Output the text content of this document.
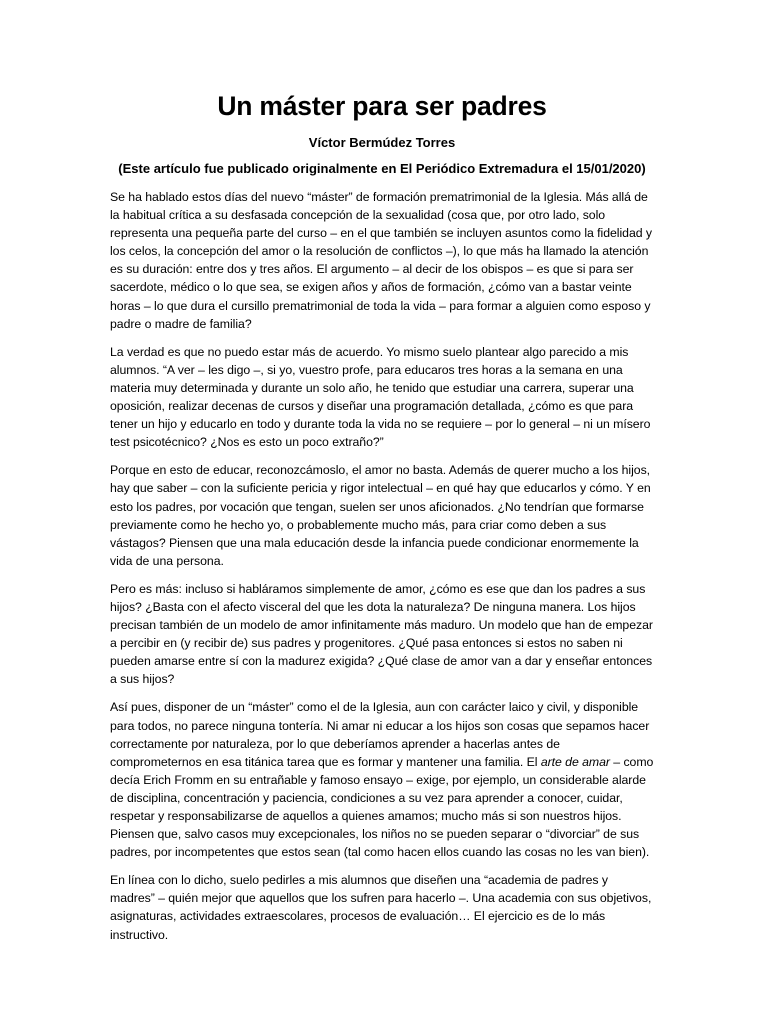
Un máster para ser padres
Víctor Bermúdez Torres
(Este artículo fue publicado originalmente en El Periódico Extremadura el 15/01/2020)

Se ha hablado estos días del nuevo “máster” de formación prematrimonial de la Iglesia. Más allá de la habitual crítica a su desfasada concepción de la sexualidad (cosa que, por otro lado, solo representa una pequeña parte del curso – en el que también se incluyen asuntos como la fidelidad y los celos, la concepción del amor o la resolución de conflictos –), lo que más ha llamado la atención es su duración: entre dos y tres años. El argumento – al decir de los obispos – es que si para ser sacerdote, médico o lo que sea, se exigen años y años de formación, ¿cómo van a bastar veinte horas – lo que dura el cursillo prematrimonial de toda la vida – para formar a alguien como esposo y padre o madre de familia?

La verdad es que no puedo estar más de acuerdo. Yo mismo suelo plantear algo parecido a mis alumnos. “A ver – les digo –, si yo, vuestro profe, para educaros tres horas a la semana en una materia muy determinada y durante un solo año, he tenido que estudiar una carrera, superar una oposición, realizar decenas de cursos y diseñar una programación detallada, ¿cómo es que para tener un hijo y educarlo en todo y durante toda la vida no se requiere – por lo general – ni un mísero test psicotécnico? ¿Nos es esto un poco extraño?”

Porque en esto de educar, reconozcámoslo, el amor no basta. Además de querer mucho a los hijos, hay que saber – con la suficiente pericia y rigor intelectual – en qué hay que educarlos y cómo. Y en esto los padres, por vocación que tengan, suelen ser unos aficionados. ¿No tendrían que formarse previamente como he hecho yo, o probablemente mucho más, para criar como deben a sus vástagos? Piensen que una mala educación desde la infancia puede condicionar enormemente la vida de una persona.

Pero es más: incluso si habláramos simplemente de amor, ¿cómo es ese que dan los padres a sus hijos? ¿Basta con el afecto visceral del que les dota la naturaleza? De ninguna manera. Los hijos precisan también de un modelo de amor infinitamente más maduro. Un modelo que han de empezar a percibir en (y recibir de) sus padres y progenitores. ¿Qué pasa entonces si estos no saben ni pueden amarse entre sí con la madurez exigida? ¿Qué clase de amor van a dar y enseñar entonces a sus hijos?

Así pues, disponer de un “máster” como el de la Iglesia, aun con carácter laico y civil, y disponible para todos, no parece ninguna tontería. Ni amar ni educar a los hijos son cosas que sepamos hacer correctamente por naturaleza, por lo que deberíamos aprender a hacerlas antes de comprometernos en esa titánica tarea que es formar y mantener una familia. El arte de amar – como decía Erich Fromm en su entrañable y famoso ensayo – exige, por ejemplo, un considerable alarde de disciplina, concentración y paciencia, condiciones a su vez para aprender a conocer, cuidar, respetar y responsabilizarse de aquellos a quienes amamos; mucho más si son nuestros hijos. Piensen que, salvo casos muy excepcionales, los niños no se pueden separar o “divorciar” de sus padres, por incompetentes que estos sean (tal como hacen ellos cuando las cosas no les van bien).

En línea con lo dicho, suelo pedirles a mis alumnos que diseñen una “academia de padres y madres” – quién mejor que aquellos que los sufren para hacerlo –. Una academia con sus objetivos, asignaturas, actividades extraescolares, procesos de evaluación… El ejercicio es de lo más instructivo.
